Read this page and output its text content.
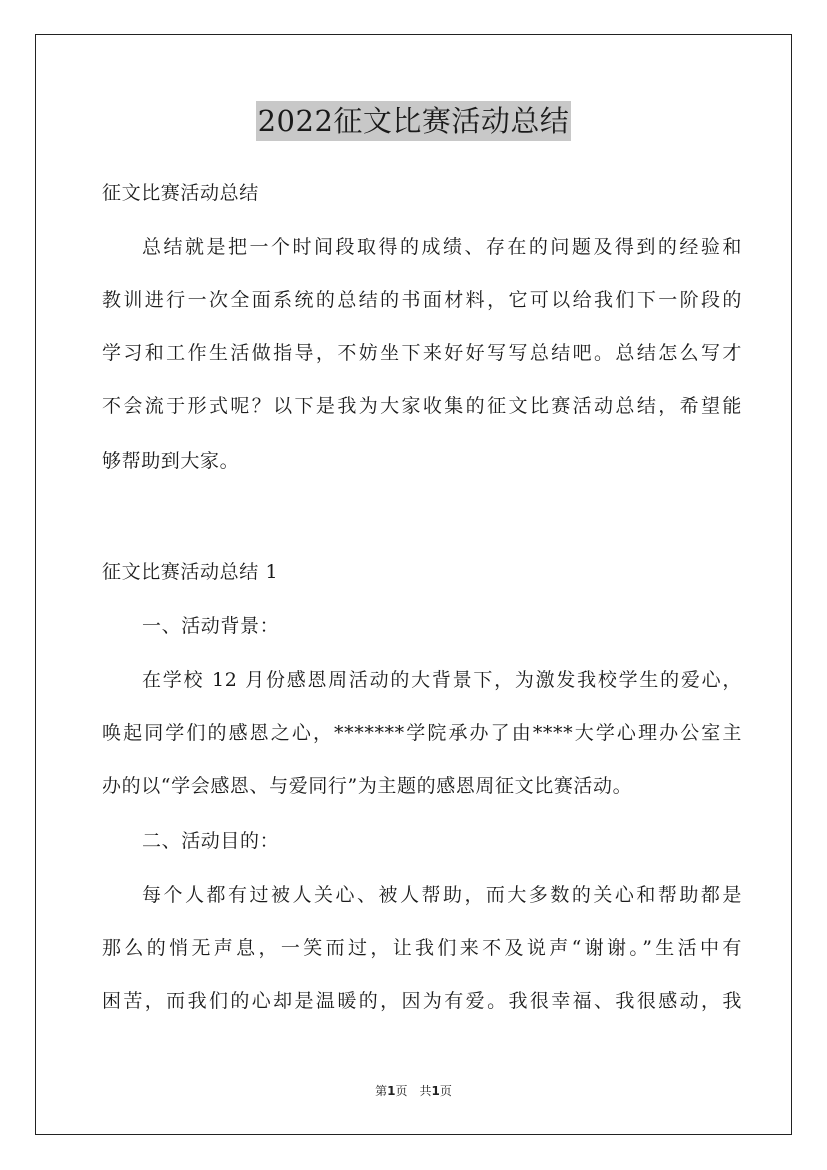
2022征文比赛活动总结
征文比赛活动总结
总结就是把一个时间段取得的成绩、存在的问题及得到的经验和
教训进行一次全面系统的总结的书面材料，它可以给我们下一阶段的
学习和工作生活做指导，不妨坐下来好好写写总结吧。总结怎么写才
不会流于形式呢？以下是我为大家收集的征文比赛活动总结，希望能
够帮助到大家。
征文比赛活动总结 1
一、活动背景：
在学校 12 月份感恩周活动的大背景下，为激发我校学生的爱心，
唤起同学们的感恩之心，*******学院承办了由****大学心理办公室主
办的以“学会感恩、与爱同行”为主题的感恩周征文比赛活动。
二、活动目的：
每个人都有过被人关心、被人帮助，而大多数的关心和帮助都是
那么的悄无声息，一笑而过，让我们来不及说声“谢谢。”生活中有
困苦，而我们的心却是温暖的，因为有爱。我很幸福、我很感动，我
第1页　共1页
